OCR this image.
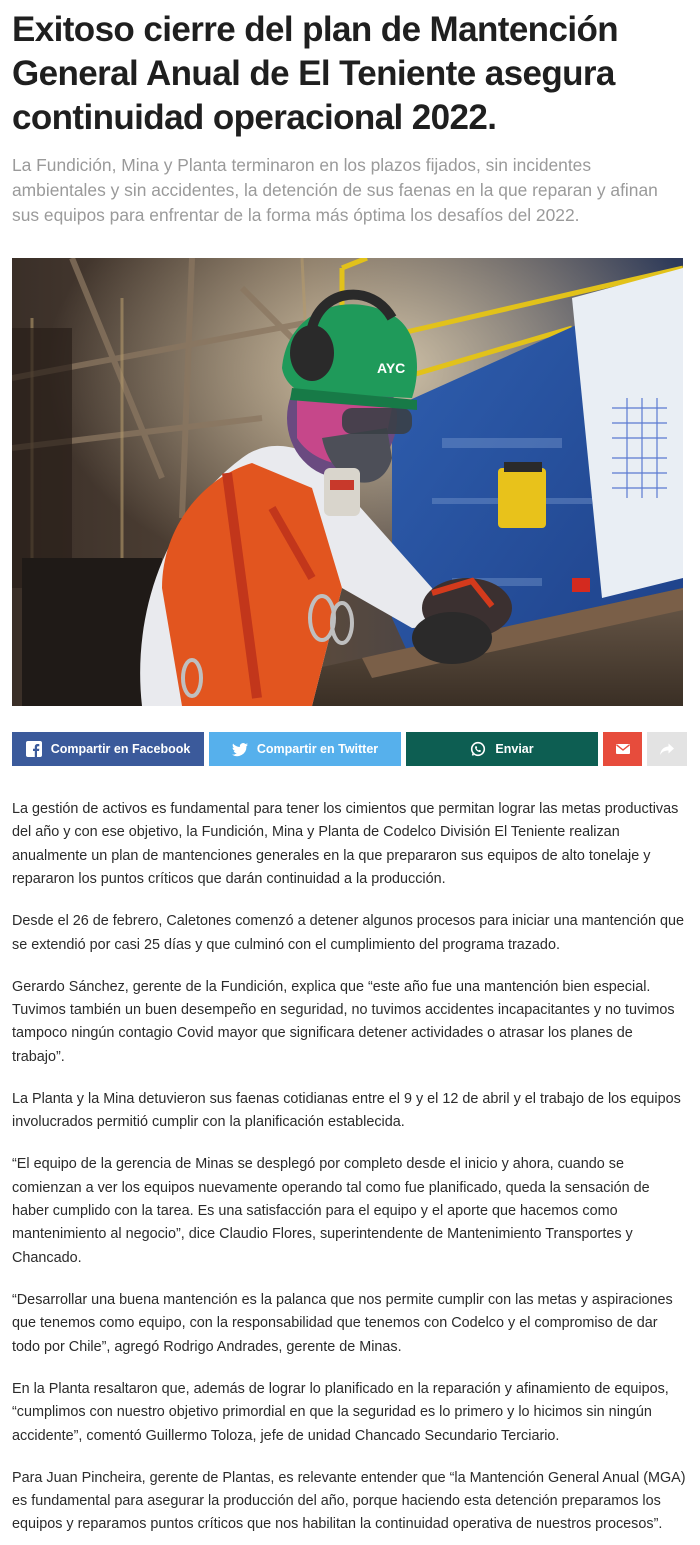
Exitoso cierre del plan de Mantención General Anual de El Teniente asegura continuidad operacional 2022.

La Fundición, Mina y Planta terminaron en los plazos fijados, sin incidentes ambientales y sin accidentes, la detención de sus faenas en la que reparan y afinan sus equipos para enfrentar de la forma más óptima los desafíos del 2022.

AYC
Compartir en Facebook	Compartir en Twitter	Enviar

La gestión de activos es fundamental para tener los cimientos que permitan lograr las metas productivas del año y con ese objetivo, la Fundición, Mina y Planta de Codelco División El Teniente realizan anualmente un plan de mantenciones generales en la que prepararon sus equipos de alto tonelaje y repararon los puntos críticos que darán continuidad a la producción.

Desde el 26 de febrero, Caletones comenzó a detener algunos procesos para iniciar una mantención que se extendió por casi 25 días y que culminó con el cumplimiento del programa trazado.

Gerardo Sánchez, gerente de la Fundición, explica que “este año fue una mantención bien especial. Tuvimos también un buen desempeño en seguridad, no tuvimos accidentes incapacitantes y no tuvimos tampoco ningún contagio Covid mayor que significara detener actividades o atrasar los planes de trabajo”.

La Planta y la Mina detuvieron sus faenas cotidianas entre el 9 y el 12 de abril y el trabajo de los equipos involucrados permitió cumplir con la planificación establecida.

“El equipo de la gerencia de Minas se desplegó por completo desde el inicio y ahora, cuando se comienzan a ver los equipos nuevamente operando tal como fue planificado, queda la sensación de haber cumplido con la tarea. Es una satisfacción para el equipo y el aporte que hacemos como mantenimiento al negocio”, dice Claudio Flores, superintendente de Mantenimiento Transportes y Chancado.

“Desarrollar una buena mantención es la palanca que nos permite cumplir con las metas y aspiraciones que tenemos como equipo, con la responsabilidad que tenemos con Codelco y el compromiso de dar todo por Chile”, agregó Rodrigo Andrades, gerente de Minas.

En la Planta resaltaron que, además de lograr lo planificado en la reparación y afinamiento de equipos, “cumplimos con nuestro objetivo primordial en que la seguridad es lo primero y lo hicimos sin ningún accidente”, comentó Guillermo Toloza, jefe de unidad Chancado Secundario Terciario.

Para Juan Pincheira, gerente de Plantas, es relevante entender que “la Mantención General Anual (MGA) es fundamental para asegurar la producción del año, porque haciendo esta detención preparamos los equipos y reparamos puntos críticos que nos habilitan la continuidad operativa de nuestros procesos”.
